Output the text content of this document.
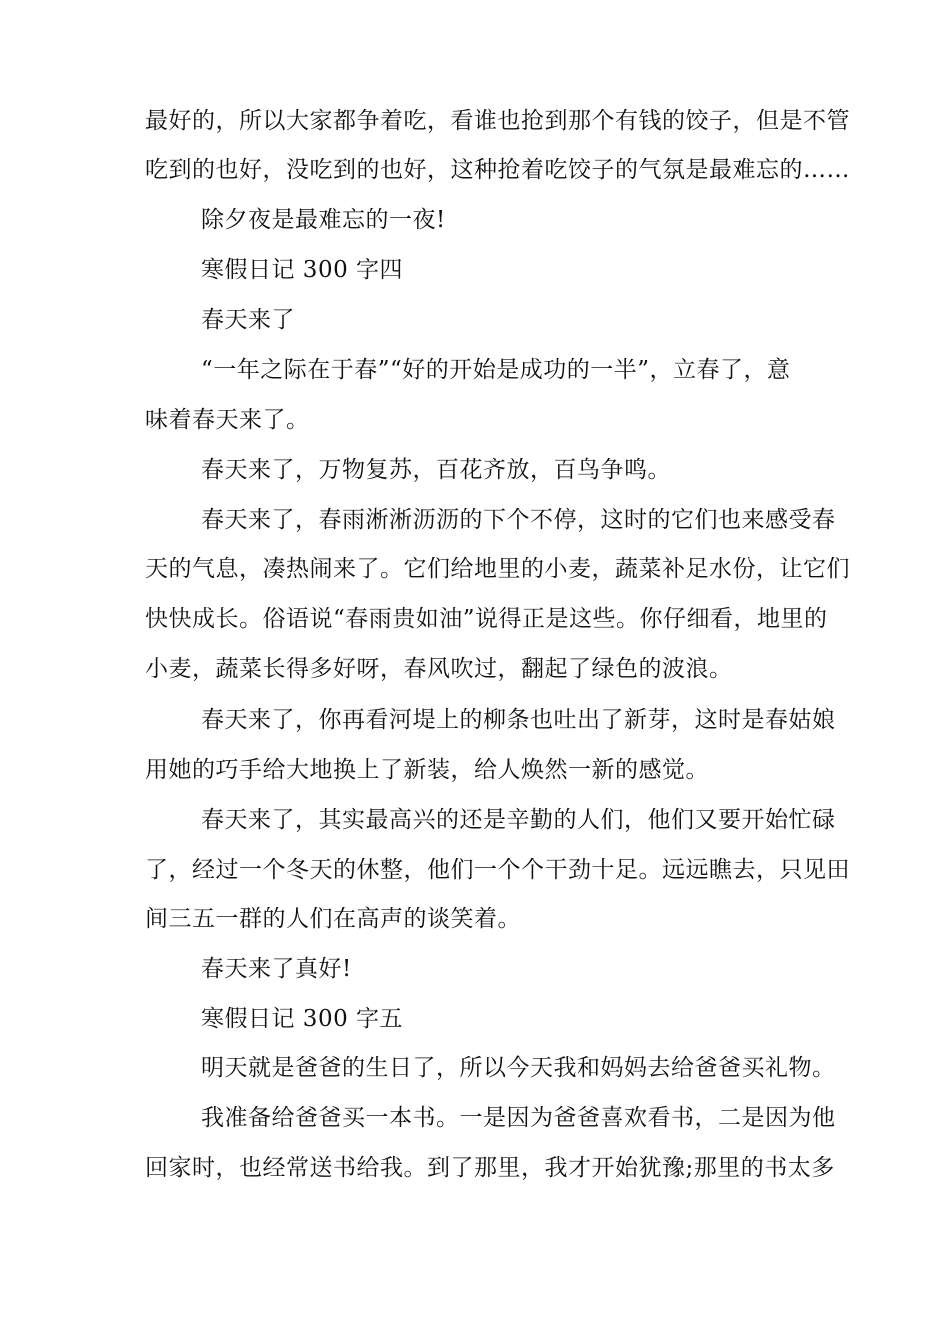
最好的，所以大家都争着吃，看谁也抢到那个有钱的饺子，但是不管
吃到的也好，没吃到的也好，这种抢着吃饺子的气氛是最难忘的……
除夕夜是最难忘的一夜!
寒假日记 300 字四
春天来了
“一年之际在于春”“好的开始是成功的一半”，立春了，意
味着春天来了。
春天来了，万物复苏，百花齐放，百鸟争鸣。
春天来了，春雨淅淅沥沥的下个不停，这时的它们也来感受春
天的气息，凑热闹来了。它们给地里的小麦，蔬菜补足水份，让它们
快快成长。俗语说“春雨贵如油”说得正是这些。你仔细看，地里的
小麦，蔬菜长得多好呀，春风吹过，翻起了绿色的波浪。
春天来了，你再看河堤上的柳条也吐出了新芽，这时是春姑娘
用她的巧手给大地换上了新装，给人焕然一新的感觉。
春天来了，其实最高兴的还是辛勤的人们，他们又要开始忙碌
了，经过一个冬天的休整，他们一个个干劲十足。远远瞧去，只见田
间三五一群的人们在高声的谈笑着。
春天来了真好!
寒假日记 300 字五
明天就是爸爸的生日了，所以今天我和妈妈去给爸爸买礼物。
我准备给爸爸买一本书。一是因为爸爸喜欢看书，二是因为他
回家时，也经常送书给我。到了那里，我才开始犹豫;那里的书太多
